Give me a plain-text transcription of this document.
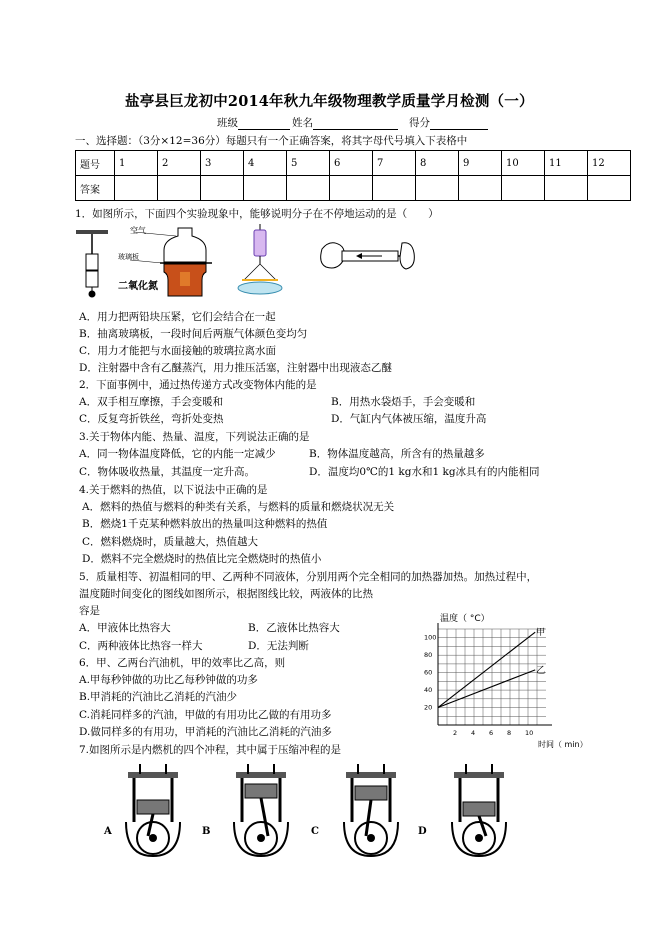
盐亭县巨龙初中2014年秋九年级物理教学质量学月检测（一）
班级	姓名	得分
一、选择题：（3分×12=36分）每题只有一个正确答案，将其字母代号填入下表格中
题号	1	2	3	4	5	6	7	8	9	10	11	12
答案												
1．如图所示，下面四个实验现象中，能够说明分子在不停地运动的是（　　）
空气
玻璃板
二氧化氮
A．用力把两铅块压紧，它们会结合在一起
B．抽离玻璃板，一段时间后两瓶气体颜色变均匀
C．用力才能把与水面接触的玻璃拉离水面
D．注射器中含有乙醚蒸汽，用力推压活塞，注射器中出现液态乙醚
2．下面事例中，通过热传递方式改变物体内能的是
A．双手相互摩擦，手会变暖和	B．用热水袋焐手，手会变暖和
C．反复弯折铁丝，弯折处变热	D．气缸内气体被压缩，温度升高
3.关于物体内能、热量、温度，下列说法正确的是
A．同一物体温度降低，它的内能一定减少	B．物体温度越高，所含有的热量越多
C．物体吸收热量，其温度一定升高。	D．温度均0℃的1 kg水和1 kg冰具有的内能相同
4.关于燃料的热值，以下说法中正确的是
A．燃料的热值与燃料的种类有关系，与燃料的质量和燃烧状况无关
B．燃烧1千克某种燃料放出的热量叫这种燃料的热值
C．燃料燃烧时，质量越大，热值越大
D．燃料不完全燃烧时的热值比完全燃烧时的热值小
5．质量相等、初温相同的甲、乙两种不同液体，分别用两个完全相同的加热器加热。加热过程中，
温度随时间变化的图线如图所示，根据图线比较，两液体的比热
容是
A．甲液体比热容大	B．乙液体比热容大
C．两种液体比热容一样大	D．无法判断
6．甲、乙两台汽油机，甲的效率比乙高，则
A.甲每秒钟做的功比乙每秒钟做的功多
B.甲消耗的汽油比乙消耗的汽油少
C.消耗同样多的汽油，甲做的有用功比乙做的有用功多
D.做同样多的有用功，甲消耗的汽油比乙消耗的汽油多
7.如图所示是内燃机的四个冲程，其中属于压缩冲程的是
2 4 6 8 10
20
40
60
80
100
温度（ °C）
时间（ min）
甲
乙
A	B	C	D
